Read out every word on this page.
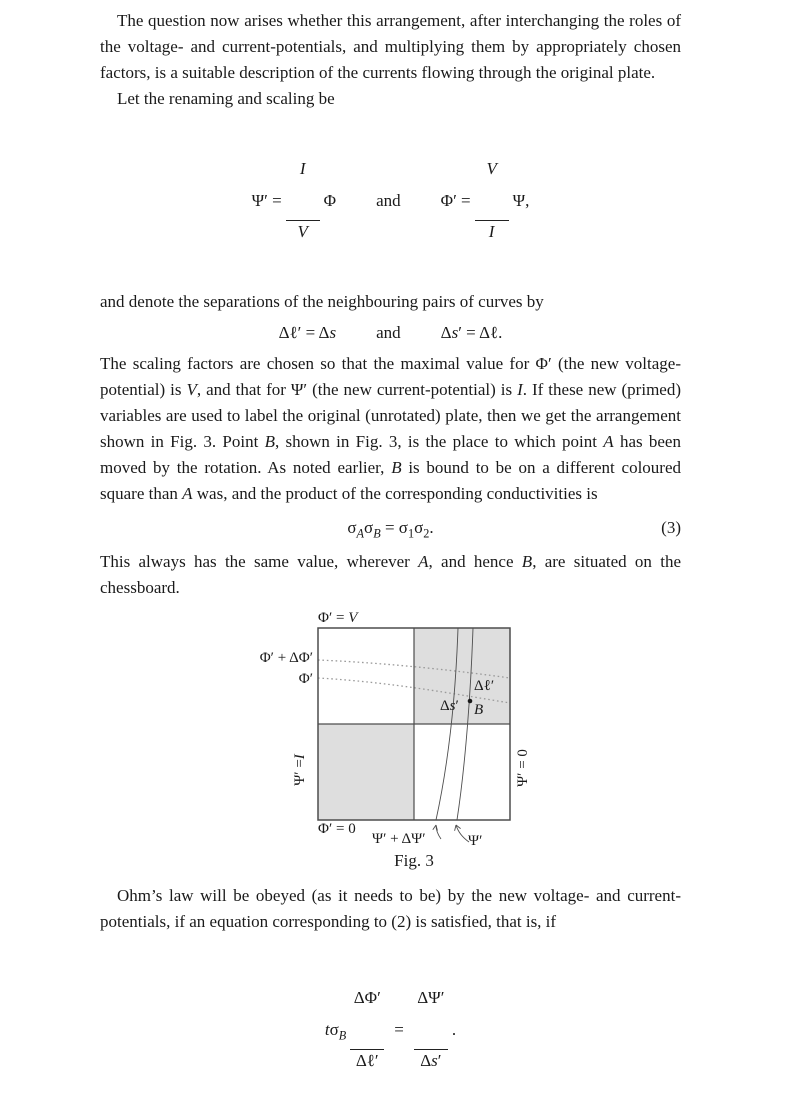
The question now arises whether this arrangement, after interchanging the roles of the voltage- and current-potentials, and multiplying them by appropriately chosen factors, is a suitable description of the currents flowing through the original plate.

Let the renaming and scaling be

Ψ′ =

$\frac{I}{V}$

Φ and Φ′ =

$\frac{V}{I}$

Ψ,

and denote the separations of the neighbouring pairs of curves by

Δℓ′ = Δ s and Δ s ′ = Δℓ.

The scaling factors are chosen so that the maximal value for Φ′ (the new voltage-potential) is V, and that for Ψ′ (the new current-potential) is I. If these new (primed) variables are used to label the original (unrotated) plate, then we get the arrangement shown in Fig. 3. Point B, shown in Fig. 3, is the place to which point A has been moved by the rotation. As noted earlier, B is bound to be on a different coloured square than A was, and the product of the corresponding conductivities is

$\sigma_A\sigma_B = \sigma_1\sigma_2$.	(3)

This always has the same value, wherever A, and hence B, are situated on the chessboard.

Φ′ = V
Φ′ + ΔΦ′
Φ′
Ψ′ =
I	Ψ′ = 0
Φ′ = 0
Ψ′ + ΔΨ′	Ψ′
Δℓ′
Δs′ B
Fig. 3

Ohm’s law will be obeyed (as it needs to be) by the new voltage- and current-potentials, if an equation corresponding to (2) is satisfied, that is, if

$t\sigma_B$

$\frac{\Delta\Phi'}{\text{Δℓ′}}$

=

$\frac{\Delta\Psi'}{\Delta s'}$

.
